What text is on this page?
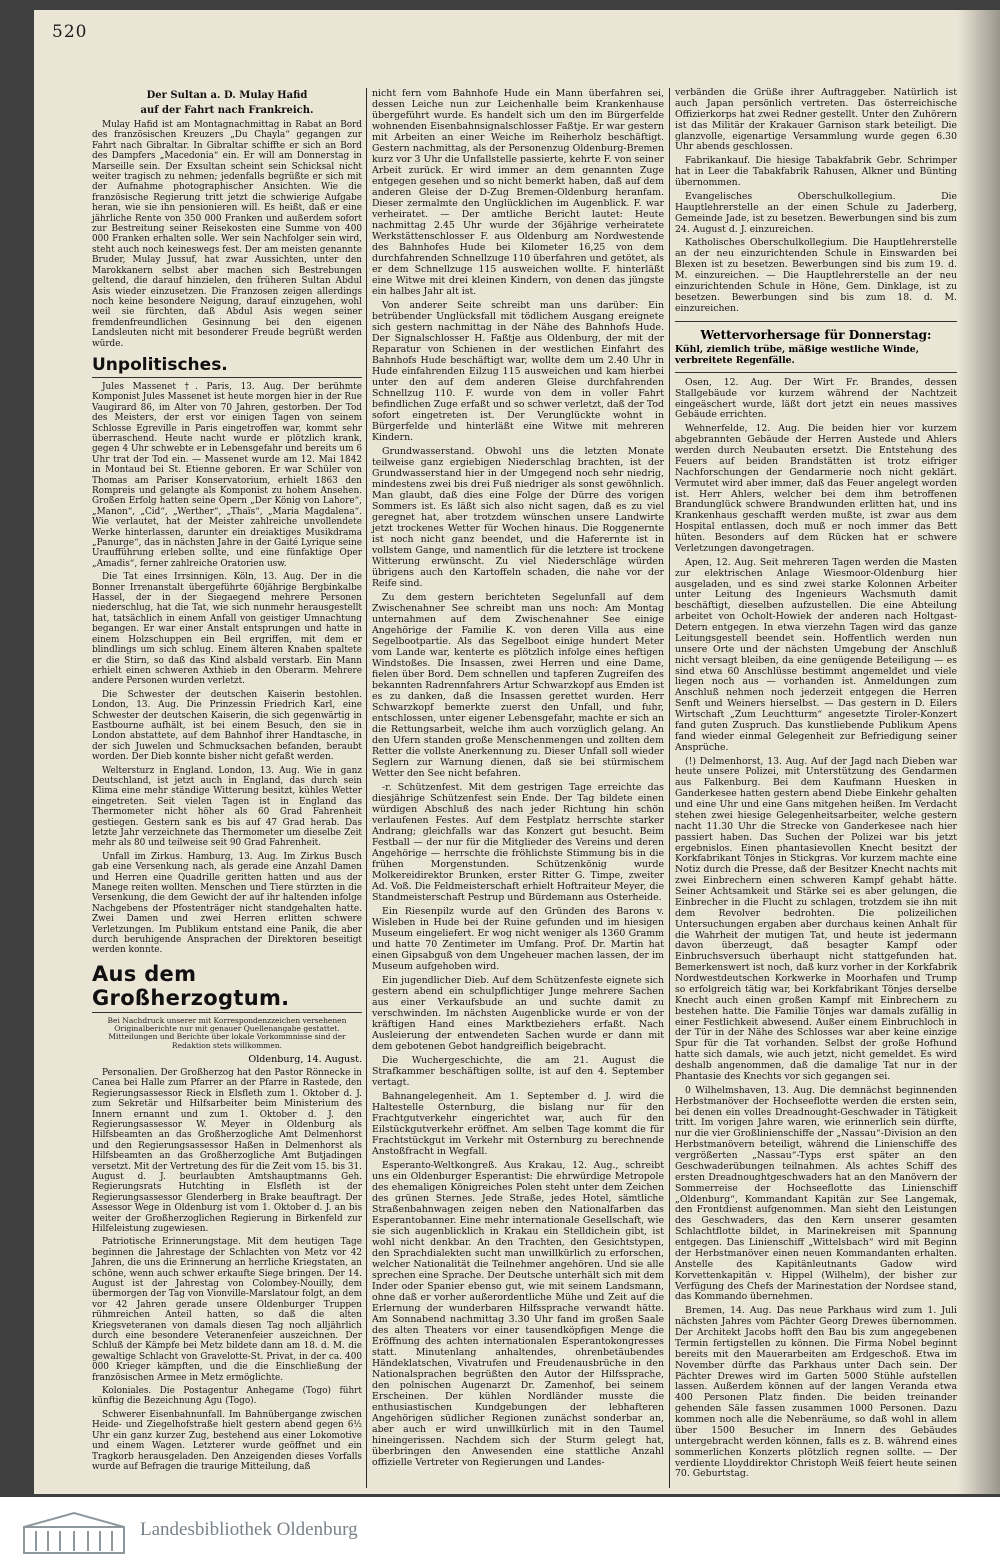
520
Der Sultan a. D. Mulay Hafid
auf der Fahrt nach Frankreich.

Mulay Hafid ist am Montagnachmittag in Rabat an Bord des französischen Kreuzers „Du Chayla“ gegangen zur Fahrt nach Gibraltar. In Gibraltar schiffte er sich an Bord des Dampfers „Macedonia“ ein. Er will am Donnerstag in Marseille sein. Der Exsultan scheint sein Schicksal nicht weiter tragisch zu nehmen; jedenfalls begrüßte er sich mit der Aufnahme photographischer Ansichten. Wie die französische Regierung tritt jetzt die schwierige Aufgabe heran, wie sie ihn pensionieren will. Es heißt, daß er eine jährliche Rente von 350 000 Franken und außerdem sofort zur Bestreitung seiner Reisekosten eine Summe von 400 000 Franken erhalten solle. Wer sein Nachfolger sein wird, steht auch noch keineswegs fest. Der am meisten genannte Bruder, Mulay Jussuf, hat zwar Aussichten, unter den Marokkanern selbst aber machen sich Bestrebungen geltend, die darauf hinzielen, den früheren Sultan Abdul Asis wieder einzusetzen. Die Franzosen zeigen allerdings noch keine besondere Neigung, darauf einzugehen, wohl weil sie fürchten, daß Abdul Asis wegen seiner fremdenfreundlichen Gesinnung bei den eigenen Landsleuten nicht mit besonderer Freude begrüßt werden würde.

Unpolitisches.

Jules Massenet †. Paris, 13. Aug. Der berühmte Komponist Jules Massenet ist heute morgen hier in der Rue Vaugirard 86, im Alter von 70 Jahren, gestorben. Der Tod des Meisters, der erst vor einigen Tagen von seinem Schlosse Egreville in Paris eingetroffen war, kommt sehr überraschend. Heute nacht wurde er plötzlich krank, gegen 4 Uhr schwebte er in Lebensgefahr und bereits um 6 Uhr trat der Tod ein. — Massenet wurde am 12. Mai 1842 in Montaud bei St. Etienne geboren. Er war Schüler von Thomas am Pariser Konservatorium, erhielt 1863 den Rompreis und gelangte als Komponist zu hohem Ansehen. Großen Erfolg hatten seine Opern „Der König von Lahore“, „Manon“, „Cid“, „Werther“, „Thaïs“, „Maria Magdalena“. Wie verlautet, hat der Meister zahlreiche unvollendete Werke hinterlassen, darunter ein dreiaktiges Musikdrama „Panurge“, das in nächsten Jahre in der Gaité Lyrique seine Uraufführung erleben sollte, und eine fünfaktige Oper „Amadis“, ferner zahlreiche Oratorien usw.

Die Tat eines Irrsinnigen. Köln, 13. Aug. Der in die Bonner Irrenanstalt übergeführte 60jährige Bergbinkalbe Hassel, der in der Siegaegend mehrere Personen niederschlug, hat die Tat, wie sich nunmehr herausgestellt hat, tatsächlich in einem Anfall von geistiger Umnachtung begangen. Er war einer Anstalt entsprungen und hatte in einem Holzschuppen ein Beil ergriffen, mit dem er blindlings um sich schlug. Einem älteren Knaben spaltete er die Stirn, so daß das Kind alsbald verstarb. Ein Mann erhielt einen schweren Axthieb in den Oberarm. Mehrere andere Personen wurden verletzt.

Die Schwester der deutschen Kaiserin bestohlen. London, 13. Aug. Die Prinzessin Friedrich Karl, eine Schwester der deutschen Kaiserin, die sich gegenwärtig in Eastbourne aufhält, ist bei einem Besuch, den sie in London abstattete, auf dem Bahnhof ihrer Handtasche, in der sich Juwelen und Schmucksachen befanden, beraubt worden. Der Dieb konnte bisher nicht gefaßt werden.

Weltersturz in England. London, 13. Aug. Wie in ganz Deutschland, ist jetzt auch in England, das durch sein Klima eine mehr ständige Witterung besitzt, kühles Wetter eingetreten. Seit vielen Tagen ist in England das Thermometer nicht höher als 60 Grad Fahrenheit gestiegen. Gestern sank es bis auf 47 Grad herab. Das letzte Jahr verzeichnete das Thermometer um dieselbe Zeit mehr als 80 und teilweise seit 90 Grad Fahrenheit.

Unfall im Zirkus. Hamburg, 13. Aug. Im Zirkus Busch gab eine Versenkung nach, als gerade eine Anzahl Damen und Herren eine Quadrille geritten hatten und aus der Manege reiten wollten. Menschen und Tiere stürzten in die Versenkung, die dem Gewicht der auf ihr haltenden infolge Nachgebens der Pfostenträger nicht standgehalten hatte. Zwei Damen und zwei Herren erlitten schwere Verletzungen. Im Publikum entstand eine Panik, die aber durch beruhigende Ansprachen der Direktoren beseitigt werden konnte.

Aus dem Großherzogtum.
Bei Nachdruck unserer mit Korrespondenzzeichen versehenen Originalberichte nur mit genauer Quellenangabe gestattet. Mitteilungen und Berichte über lokale Vorkommnisse sind der Redaktion stets willkommen.
Oldenburg, 14. August.

Personalien. Der Großherzog hat den Pastor Rönnecke in Canea bei Halle zum Pfarrer an der Pfarre in Rastede, den Regierungsassessor Rieck in Elsfleth zum 1. Oktober d. J. zum Sekretär und Hilfsarbeiter beim Ministerium des Innern ernannt und zum 1. Oktober d. J. den Regierungsassessor W. Meyer in Oldenburg als Hilfsbeamten an das Großherzogliche Amt Delmenhorst und den Regierungsassessor Haßen in Delmenhorst als Hilfsbeamten an das Großherzogliche Amt Butjadingen versetzt. Mit der Vertretung des für die Zeit vom 15. bis 31. August d. J. beurlaubten Amtshauptmanns Geh. Regierungsrats Hutchting in Elsfleth ist der Regierungsassessor Glenderberg in Brake beauftragt. Der Assessor Wege in Oldenburg ist vom 1. Oktober d. J. an bis weiter der Großherzoglichen Regierung in Birkenfeld zur Hilfeleistung zugewiesen.

Patriotische Erinnerungstage. Mit dem heutigen Tage beginnen die Jahrestage der Schlachten von Metz vor 42 Jahren, die uns die Erinnerung an herrliche Kriegstaten, an schöne, wenn auch schwer erkaufte Siege bringen. Der 14. August ist der Jahrestag von Colombey-Nouilly, dem übermorgen der Tag von Vionville-Marslatour folgt, an dem vor 42 Jahren gerade unsere Oldenburger Truppen rühmreichen Anteil hatten, so daß die alten Kriegsveteranen von damals diesen Tag noch alljährlich durch eine besondere Veteranenfeier auszeichnen. Der Schluß der Kämpfe bei Metz bildete dann am 18. d. M. die gewaltige Schlacht von Gravelotte-St. Privat, in der ca. 400 000 Krieger kämpften, und die die Einschließung der französischen Armee in Metz ermöglichte.

Koloniales. Die Postagentur Anhegame (Togo) führt künftig die Bezeichnung Agu (Togo).

Schwerer Eisenbahnunfall. Im Bahnübergange zwischen Heide- und Ziegelhofstraße hielt gestern abend gegen 6½ Uhr ein ganz kurzer Zug, bestehend aus einer Lokomotive und einem Wagen. Letzterer wurde geöffnet und ein Tragkorb herausgeladen. Den Anzeigenden dieses Vorfalls wurde auf Befragen die traurige Mitteilung, daß

nicht fern vom Bahnhofe Hude ein Mann überfahren sei, dessen Leiche nun zur Leichenhalle beim Krankenhause übergeführt wurde. Es handelt sich um den im Bürgerfelde wohnenden Eisenbahnsignalschlosser Faßtje. Er war gestern mit Arbeiten an einer Weiche im Reiherholz beschäftigt. Gestern nachmittag, als der Personenzug Oldenburg-Bremen kurz vor 3 Uhr die Unfallstelle passierte, kehrte F. von seiner Arbeit zurück. Er wird immer an dem genannten Zuge entgegen gesehen und so nicht bemerkt haben, daß auf dem anderen Gleise der D-Zug Bremen-Oldenburg heranfam. Dieser zermalmte den Unglücklichen im Augenblick. F. war verheiratet. — Der amtliche Bericht lautet: Heute nachmittag 2.45 Uhr wurde der 36jährige verheiratete Werkstättenschlosser F. aus Oldenburg am Nordwestende des Bahnhofes Hude bei Kilometer 16,25 von dem durchfahrenden Schnellzuge 110 überfahren und getötet, als er dem Schnellzuge 115 ausweichen wollte. F. hinterläßt eine Witwe mit drei kleinen Kindern, von denen das jüngste ein halbes Jahr alt ist.

Von anderer Seite schreibt man uns darüber: Ein betrübender Unglücksfall mit tödlichem Ausgang ereignete sich gestern nachmittag in der Nähe des Bahnhofs Hude. Der Signalschlosser H. Faßtje aus Oldenburg, der mit der Reparatur von Schienen in der westlichen Einfahrt des Bahnhofs Hude beschäftigt war, wollte dem um 2.40 Uhr in Hude einfahrenden Eilzug 115 ausweichen und kam hierbei unter den auf dem anderen Gleise durchfahrenden Schnellzug 110. F. wurde von dem in voller Fahrt befindlichen Zuge erfaßt und so schwer verletzt, daß der Tod sofort eingetreten ist. Der Verunglückte wohnt in Bürgerfelde und hinterläßt eine Witwe mit mehreren Kindern.

Grundwasserstand. Obwohl uns die letzten Monate teilweise ganz ergiebigen Niederschlag brachten, ist der Grundwasserstand hier in der Umgegend noch sehr niedrig, mindestens zwei bis drei Fuß niedriger als sonst gewöhnlich. Man glaubt, daß dies eine Folge der Dürre des vorigen Sommers ist. Es läßt sich also nicht sagen, daß es zu viel geregnet hat, aber trotzdem wünschen unsere Landwirte jetzt trockenes Wetter für Wochen hinaus. Die Roggenernte ist noch nicht ganz beendet, und die Haferernte ist in vollstem Gange, und namentlich für die letztere ist trockene Witterung erwünscht. Zu viel Niederschläge würden übrigens auch den Kartoffeln schaden, die nahe vor der Reife sind.

Zu dem gestern berichteten Segelunfall auf dem Zwischenahner See schreibt man uns noch: Am Montag unternahmen auf dem Zwischenahner See einige Angehörige der Familie K. von deren Villa aus eine Segelbootpartie. Als das Segelboot einige hundert Meter vom Lande war, kenterte es plötzlich infolge eines heftigen Windstoßes. Die Insassen, zwei Herren und eine Dame, fielen über Bord. Dem schnellen und tapferen Zugreifen des bekannten Radrennfahrers Artur Schwarzkopf aus Emden ist es zu danken, daß die Insassen gerettet wurden. Herr Schwarzkopf bemerkte zuerst den Unfall, und fuhr, entschlossen, unter eigener Lebensgefahr, machte er sich an die Rettungsarbeit, welche ihm auch vorzüglich gelang. An den Ufern standen große Menschenmengen und zollten dem Retter die vollste Anerkennung zu. Dieser Unfall soll wieder Seglern zur Warnung dienen, daß sie bei stürmischem Wetter den See nicht befahren.

-r. Schützenfest. Mit dem gestrigen Tage erreichte das diesjährige Schützenfest sein Ende. Der Tag bildete einen würdigen Abschluß des nach jeder Richtung hin schön verlaufenen Festes. Auf dem Festplatz herrschte starker Andrang; gleichfalls war das Konzert gut besucht. Beim Festball — der nur für die Mitglieder des Vereins und deren Angehörige — herrschte die fröhlichste Stimmung bis in die frühen Morgenstunden. Schützenkönig wurde Molkereidirektor Brunken, erster Ritter G. Timpe, zweiter Ad. Voß. Die Feldmeisterschaft erhielt Hoftraiteur Meyer, die Standmeisterschaft Pestrup und Bürdemann aus Osterheide.

Ein Riesenpilz wurde auf den Gründen des Barons v. Wisleben in Hude bei der Ruine gefunden und im hiesigen Museum eingeliefert. Er wog nicht weniger als 1360 Gramm und hatte 70 Zentimeter im Umfang. Prof. Dr. Martin hat einen Gipsabguß von dem Ungeheuer machen lassen, der im Museum aufgehoben wird.

Ein jugendlicher Dieb. Auf dem Schützenfeste eignete sich gestern abend ein schulpflichtiger Junge mehrere Sachen aus einer Verkaufsbude an und suchte damit zu verschwinden. Im nächsten Augenblicke wurde er von der kräftigen Hand eines Marktbeziehers erfaßt. Nach Ausleierung der entwendeten Sachen wurde er dann mit dem gebotenen Gebot handgreiflich beigebracht.

Die Wuchergeschichte, die am 21. August die Strafkammer beschäftigen sollte, ist auf den 4. September vertagt.

Bahnangelegenheit. Am 1. September d. J. wird die Haltestelle Osternburg, die bislang nur für den Frachtgutverkehr eingerichtet war, auch für den Eilstückgutverkehr eröffnet. Am selben Tage kommt die für Frachtstückgut im Verkehr mit Osternburg zu berechnende Anstoßfracht in Wegfall.

Esperanto-Weltkongreß. Aus Krakau, 12. Aug., schreibt uns ein Oldenburger Esperantist: Die ehrwürdige Metropole des ehemaligen Königreiches Polen steht unter dem Zeichen des grünen Sternes. Jede Straße, jedes Hotel, sämtliche Straßenbahnwagen zeigen neben den Nationalfarben das Esperantobanner. Eine mehr internationale Gesellschaft, wie sie sich augenblicklich in Krakau ein Stelldichein gibt, ist wohl nicht denkbar. An den Trachten, den Gesichtstypen, den Sprachdialekten sucht man unwillkürlich zu erforschen, welcher Nationalität die Teilnehmer angehören. Und sie alle sprechen eine Sprache. Der Deutsche unterhält sich mit dem Inder oder Spanier ebenso gut, wie mit seinem Landsmann, ohne daß er vorher außerordentliche Mühe und Zeit auf die Erlernung der wunderbaren Hilfssprache verwandt hätte. Am Sonnabend nachmittag 3.30 Uhr fand im großen Saale des alten Theaters vor einer tausendköpfigen Menge die Eröffnung des achten internationalen Esperantokongresses statt. Minutenlang anhaltendes, ohrenbetäubendes Händeklatschen, Vivatrufen und Freudenausbrüche in den Nationalsprachen begrüßten den Autor der Hilfssprache, den polnischen Augenarzt Dr. Zamenhof, bei seinem Erscheinen. Der kühlen Nordländer musste die enthusiastischen Kundgebungen der lebhafteren Angehörigen südlicher Regionen zunächst sonderbar an, aber auch er wird unwillkürlich mit in den Taumel hineingerissen. Nachdem sich der Sturm gelegt hat, überbringen den Anwesenden eine stattliche Anzahl offizielle Vertreter von Regierungen und Landes-

verbänden die Grüße ihrer Auftraggeber. Natürlich ist auch Japan persönlich vertreten. Das österreichische Offizierkorps hat zwei Redner gestellt. Unter den Zuhörern ist das Militär der Krakauer Garnison stark beteiligt. Die glanzvolle, eigenartige Versammlung wurde gegen 6.30 Uhr abends geschlossen.

Fabrikankauf. Die hiesige Tabakfabrik Gebr. Schrimper hat in Leer die Tabakfabrik Rahusen, Alkner und Bünting übernommen.

Evangelisches Oberschulkollegium. Die Hauptlehrerstelle an der einen Schule zu Jaderberg, Gemeinde Jade, ist zu besetzen. Bewerbungen sind bis zum 24. August d. J. einzureichen.

Katholisches Oberschulkollegium. Die Hauptlehrerstelle an der neu einzurichtenden Schule in Einswarden bei Blexen ist zu besetzen. Bewerbungen sind bis zum 19. d. M. einzureichen. — Die Hauptlehrerstelle an der neu einzurichtenden Schule in Höne, Gem. Dinklage, ist zu besetzen. Bewerbungen sind bis zum 18. d. M. einzureichen.

Wettervorhersage für Donnerstag:
Kühl, ziemlich trübe, mäßige westliche Winde, verbreitete Regenfälle.

Osen, 12. Aug. Der Wirt Fr. Brandes, dessen Stallgebäude vor kurzem während der Nachtzeit eingeäschert wurde, läßt dort jetzt ein neues massives Gebäude errichten.

Wehnerfelde, 12. Aug. Die beiden hier vor kurzem abgebrannten Gebäude der Herren Austede und Ahlers werden durch Neubauten ersetzt. Die Entstehung des Feuers auf beiden Brandstätten ist trotz eifriger Nachforschungen der Gendarmerie noch nicht geklärt. Vermutet wird aber immer, daß das Feuer angelegt worden ist. Herr Ahlers, welcher bei dem ihm betroffenen Brandunglück schwere Brandwunden erlitten hat, und ins Krankenhaus geschafft werden mußte, ist zwar aus dem Hospital entlassen, doch muß er noch immer das Bett hüten. Besonders auf dem Rücken hat er schwere Verletzungen davongetragen.

Apen, 12. Aug. Seit mehreren Tagen werden die Masten zur elektrischen Anlage Wiesmoor-Oldenburg hier ausgeladen, und es sind zwei starke Kolonnen Arbeiter unter Leitung des Ingenieurs Wachsmuth damit beschäftigt, dieselben aufzustellen. Die eine Abteilung arbeitet von Ocholt-Howiek der anderen nach Holtgast-Detern entgegen. In etwa vierzehn Tagen wird das ganze Leitungsgestell beendet sein. Hoffentlich werden nun unsere Orte und der nächsten Umgebung der Anschluß nicht versagt bleiben, da eine genügende Beteiligung — es sind etwa 60 Anschlüsse bestimmt angemeldet und viele liegen noch aus — vorhanden ist. Anmeldungen zum Anschluß nehmen noch jederzeit entgegen die Herren Senft und Weiners hierselbst. — Das gestern in D. Eilers Wirtschaft „Zum Leuchtturm“ angesetzte Tiroler-Konzert fand guten Zuspruch. Das kunstliebende Publikum Apens fand wieder einmal Gelegenheit zur Befriedigung seiner Ansprüche.

(!) Delmenhorst, 13. Aug. Auf der Jagd nach Dieben war heute unsere Polizei, mit Unterstützung des Gendarmen aus Falkenburg. Bei dem Kaufmann Huesken in Ganderkesee hatten gestern abend Diebe Einkehr gehalten und eine Uhr und eine Gans mitgehen heißen. Im Verdacht stehen zwei hiesige Gelegenheitsarbeiter, welche gestern nacht 11.30 Uhr die Strecke von Ganderkesee nach hier passiert haben. Das Suchen der Polizei war bis jetzt ergebnislos. Einen phantasievollen Knecht besitzt der Korkfabrikant Tönjes in Stickgras. Vor kurzem machte eine Notiz durch die Presse, daß der Besitzer Knecht nachts mit zwei Einbrechern einen schweren Kampf gehabt hätte. Seiner Achtsamkeit und Stärke sei es aber gelungen, die Einbrecher in die Flucht zu schlagen, trotzdem sie ihn mit dem Revolver bedrohten. Die polizeilichen Untersuchungen ergaben aber durchaus keinen Anhalt für die Wahrheit der mutigen Tat, und heute ist jedermann davon überzeugt, daß besagter Kampf oder Einbruchsversuch überhaupt nicht stattgefunden hat. Bemerkenswert ist noch, daß kurz vorher in der Korkfabrik Nordwestdeutschen Korkwerke in Moorhafen und Trump so erfolgreich tätig war, bei Korkfabrikant Tönjes derselbe Knecht auch einen großen Kampf mit Einbrechern zu bestehen hatte. Die Familie Tönjes war damals zufällig in einer Festlichkeit abwesend. Außer einem Einbruchloch in der Tür in der Nähe des Schlosses war aber keine einzige Spur für die Tat vorhanden. Selbst der große Hofhund hatte sich damals, wie auch jetzt, nicht gemeldet. Es wird deshalb angenommen, daß die damalige Tat nur in der Phantasie des Knechts vor sich gegangen sei.

0 Wilhelmshaven, 13. Aug. Die demnächst beginnenden Herbstmanöver der Hochseeflotte werden die ersten sein, bei denen ein volles Dreadnought-Geschwader in Tätigkeit tritt. Im vorigen Jahre waren, wie erinnerlich sein dürfte, nur die vier Großlinienschiffe der „Nassau“-Division an den Herbstmanövern beteiligt, während die Linienschiffe des vergrößerten „Nassau“-Typs erst später an den Geschwaderübungen teilnahmen. Als achtes Schiff des ersten Dreadnoughtgeschwaders hat an den Manövern der Sommerreise der Hochseeflotte das Linienschiff „Oldenburg“, Kommandant Kapitän zur See Langemak, den Frontdienst aufgenommen. Man sieht den Leistungen des Geschwaders, das den Kern unserer gesamten Schlachtflotte bildet, in Marinekreisen mit Spannung entgegen. Das Linienschiff „Wittelsbach“ wird mit Beginn der Herbstmanöver einen neuen Kommandanten erhalten. Anstelle des Kapitänleutnants Gadow wird Korvettenkapitän v. Hippel (Wilhelm), der bisher zur Verfügung des Chefs der Marinestation der Nordsee stand, das Kommando übernehmen.

Bremen, 14. Aug. Das neue Parkhaus wird zum 1. Juli nächsten Jahres vom Pächter Georg Drewes übernommen. Der Architekt Jacobs hofft den Bau bis zum angegebenen Termin fertigstellen zu können. Die Firma Nobel beginnt bereits mit den Mauerarbeiten am Erdgeschoß. Etwa im November dürfte das Parkhaus unter Dach sein. Der Pächter Drewes wird im Garten 5000 Stühle aufstellen lassen. Außerdem können auf der langen Veranda etwa 400 Personen Platz finden. Die beiden treinander gehenden Säle fassen zusammen 1000 Personen. Dazu kommen noch alle die Nebenräume, so daß wohl in allem über 1500 Besucher im Innern des Gebäudes untergebracht werden können, falls es z. B. während eines sommerlichen Konzerts plötzlich regnen sollte. — Der verdiente Lloyddirektor Christoph Weiß feiert heute seinen 70. Geburtstag.

Landesbibliothek Oldenburg
